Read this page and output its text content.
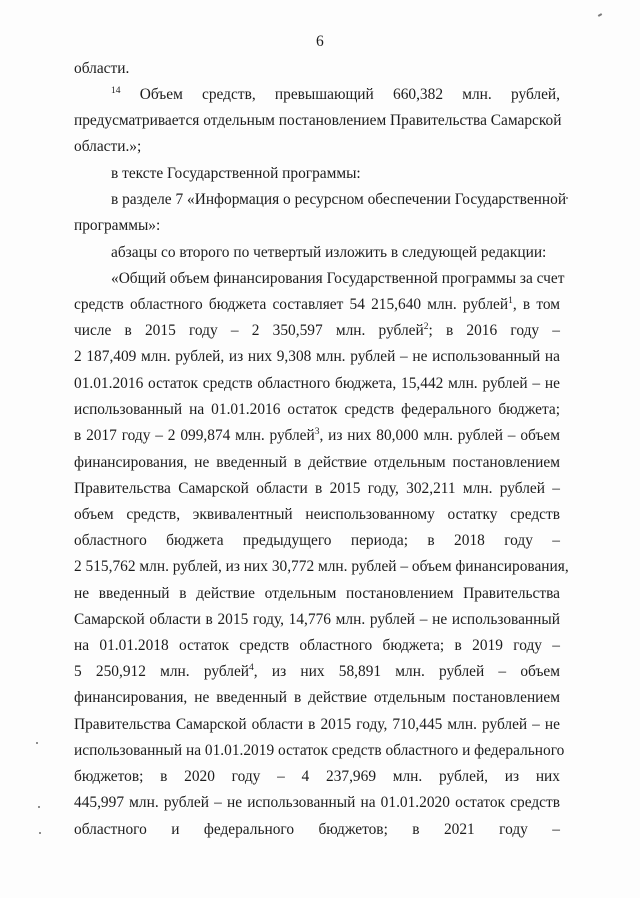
6
области.
$^{14}$ Объем средств, превышающий 660,382 млн. рублей,
предусматривается отдельным постановлением Правительства Самарской
области.»;
в тексте Государственной программы:
в разделе 7 «Информация о ресурсном обеспечении Государственной
программы»:
абзацы со второго по четвертый изложить в следующей редакции:
«Общий объем финансирования Государственной программы за счет
средств областного бюджета составляет 54 215,640 млн. рублей$^1$, в том
числе в 2015 году – 2 350,597 млн. рублей$^2$; в 2016 году –
2 187,409 млн. рублей, из них 9,308 млн. рублей – не использованный на
01.01.2016 остаток средств областного бюджета, 15,442 млн. рублей – не
использованный на 01.01.2016 остаток средств федерального бюджета;
в 2017 году – 2 099,874 млн. рублей$^3$, из них 80,000 млн. рублей – объем
финансирования, не введенный в действие отдельным постановлением
Правительства Самарской области в 2015 году, 302,211 млн. рублей –
объем средств, эквивалентный неиспользованному остатку средств
областного бюджета предыдущего периода; в 2018 году –
2 515,762 млн. рублей, из них 30,772 млн. рублей – объем финансирования,
не введенный в действие отдельным постановлением Правительства
Самарской области в 2015 году, 14,776 млн. рублей – не использованный
на 01.01.2018 остаток средств областного бюджета; в 2019 году –
5 250,912 млн. рублей$^4$, из них 58,891 млн. рублей – объем
финансирования, не введенный в действие отдельным постановлением
Правительства Самарской области в 2015 году, 710,445 млн. рублей – не
использованный на 01.01.2019 остаток средств областного и федерального
бюджетов; в 2020 году – 4 237,969 млн. рублей, из них
445,997 млн. рублей – не использованный на 01.01.2020 остаток средств
областного и федерального бюджетов; в 2021 году –
